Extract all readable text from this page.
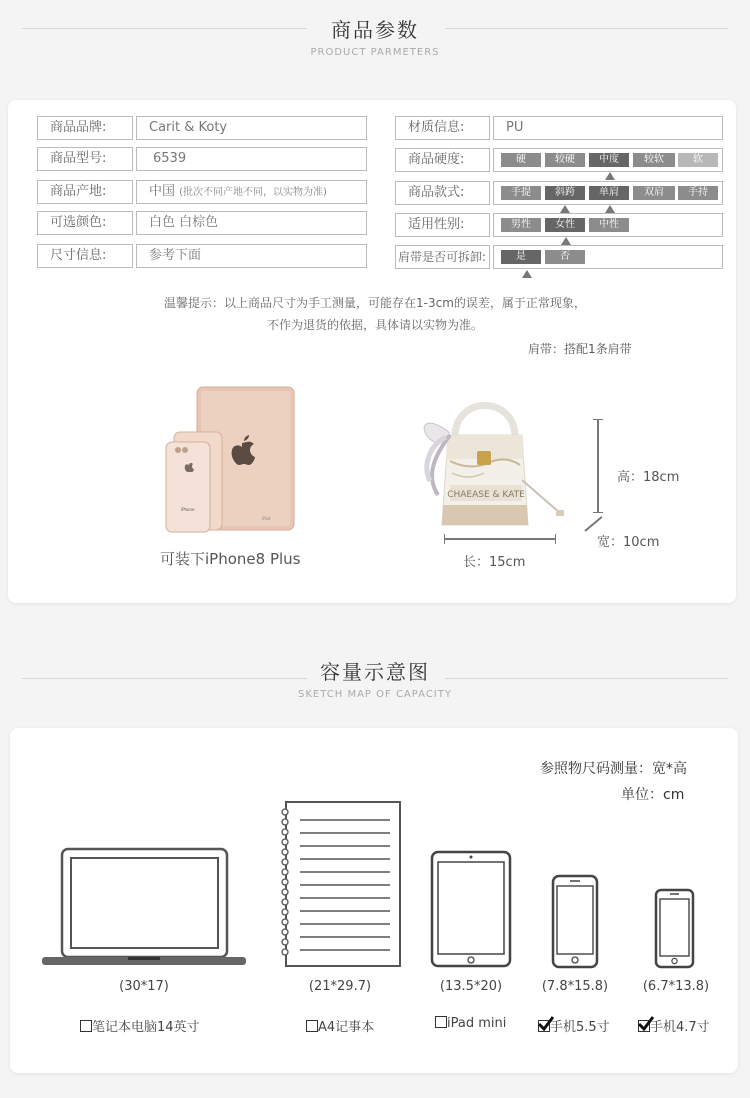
商品参数
PRODUCT PARMETERS
商品品牌:	Carit & Koty
商品型号:	6539
商品产地:	中国 (批次不同产地不同，以实物为准)
可选颜色:	白色 白棕色
尺寸信息:	参考下面
材质信息:	PU
商品硬度:	硬	较硬	中度	较软	软
商品款式:	手提	斜跨	单肩	双肩	手持
适用性别:	男性	女性	中性
肩带是否可拆卸:	是	否
温馨提示：以上商品尺寸为手工测量，可能存在1-3cm的误差，属于正常现象，
不作为退货的依据，具体请以实物为准。
肩带：搭配1条肩带
iPhone
iPad
可装下iPhone8 Plus
CHAEASE & KATE
高：18cm
长：15cm
宽：10cm
容量示意图
SKETCH MAP OF CAPACITY
参照物尺码测量：宽*高
单位：cm
(30*17)	(21*29.7)	(13.5*20)	(7.8*15.8)	(6.7*13.8)
笔记本电脑14英寸	A4记事本	iPad mini	手机5.5寸	手机4.7寸
